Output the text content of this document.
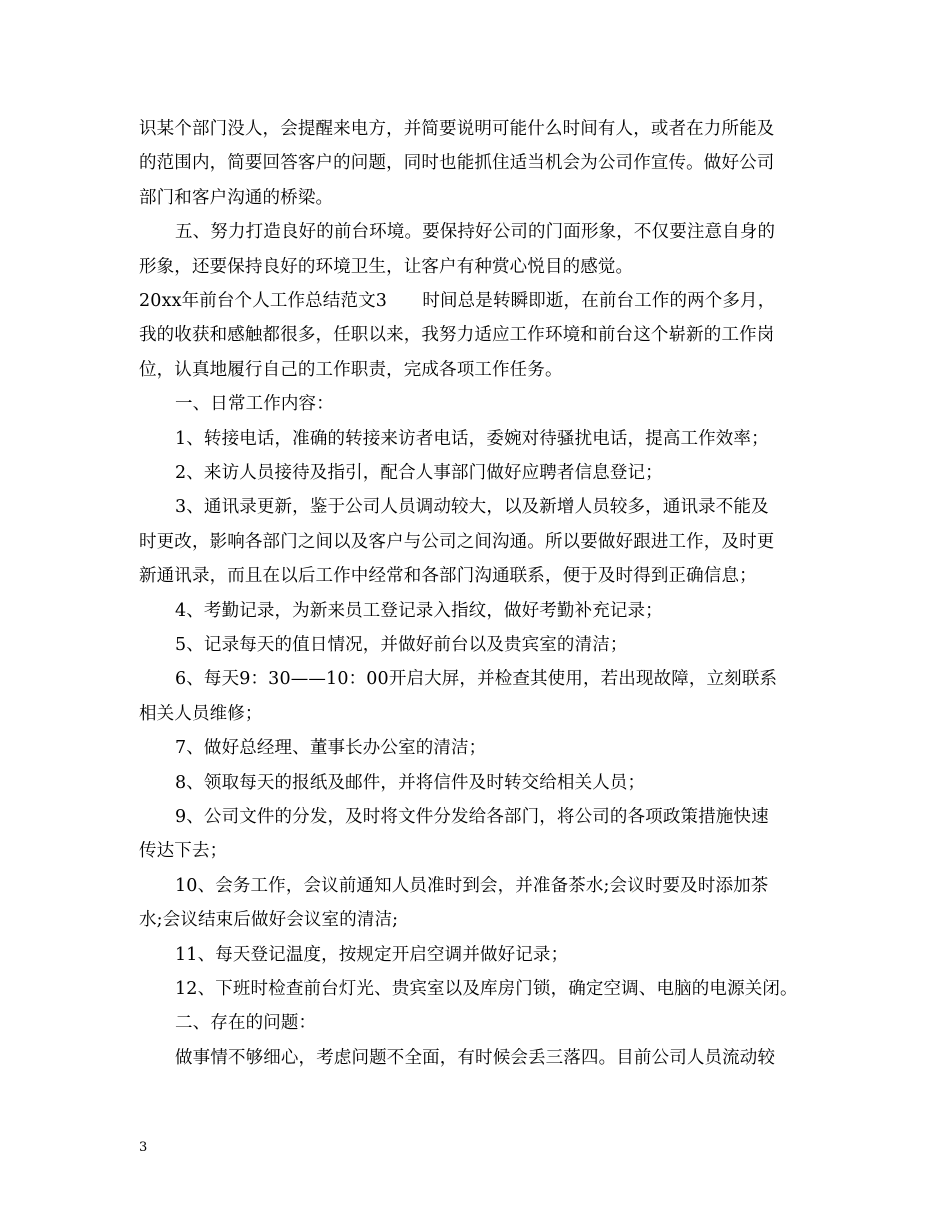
识某个部门没人，会提醒来电方，并简要说明可能什么时间有人，或者在力所能及
的范围内，简要回答客户的问题，同时也能抓住适当机会为公司作宣传。做好公司
部门和客户沟通的桥梁。
五、努力打造良好的前台环境。要保持好公司的门面形象，不仅要注意自身的
形象，还要保持良好的环境卫生，让客户有种赏心悦目的感觉。
20xx年前台个人工作总结范文3　　时间总是转瞬即逝，在前台工作的两个多月，
我的收获和感触都很多，任职以来，我努力适应工作环境和前台这个崭新的工作岗
位，认真地履行自己的工作职责，完成各项工作任务。
一、日常工作内容：
1、转接电话，准确的转接来访者电话，委婉对待骚扰电话，提高工作效率；
2、来访人员接待及指引，配合人事部门做好应聘者信息登记；
3、通讯录更新，鉴于公司人员调动较大，以及新增人员较多，通讯录不能及
时更改，影响各部门之间以及客户与公司之间沟通。所以要做好跟进工作，及时更
新通讯录，而且在以后工作中经常和各部门沟通联系，便于及时得到正确信息；
4、考勤记录，为新来员工登记录入指纹，做好考勤补充记录；
5、记录每天的值日情况，并做好前台以及贵宾室的清洁；
6、每天9：30——10：00开启大屏，并检查其使用，若出现故障，立刻联系
相关人员维修；
7、做好总经理、董事长办公室的清洁；
8、领取每天的报纸及邮件，并将信件及时转交给相关人员；
9、公司文件的分发，及时将文件分发给各部门，将公司的各项政策措施快速
传达下去；
10、会务工作，会议前通知人员准时到会，并准备茶水;会议时要及时添加茶
水;会议结束后做好会议室的清洁;
11、每天登记温度，按规定开启空调并做好记录；
12、下班时检查前台灯光、贵宾室以及库房门锁，确定空调、电脑的电源关闭。
二、存在的问题：
做事情不够细心，考虑问题不全面，有时候会丢三落四。目前公司人员流动较
3
